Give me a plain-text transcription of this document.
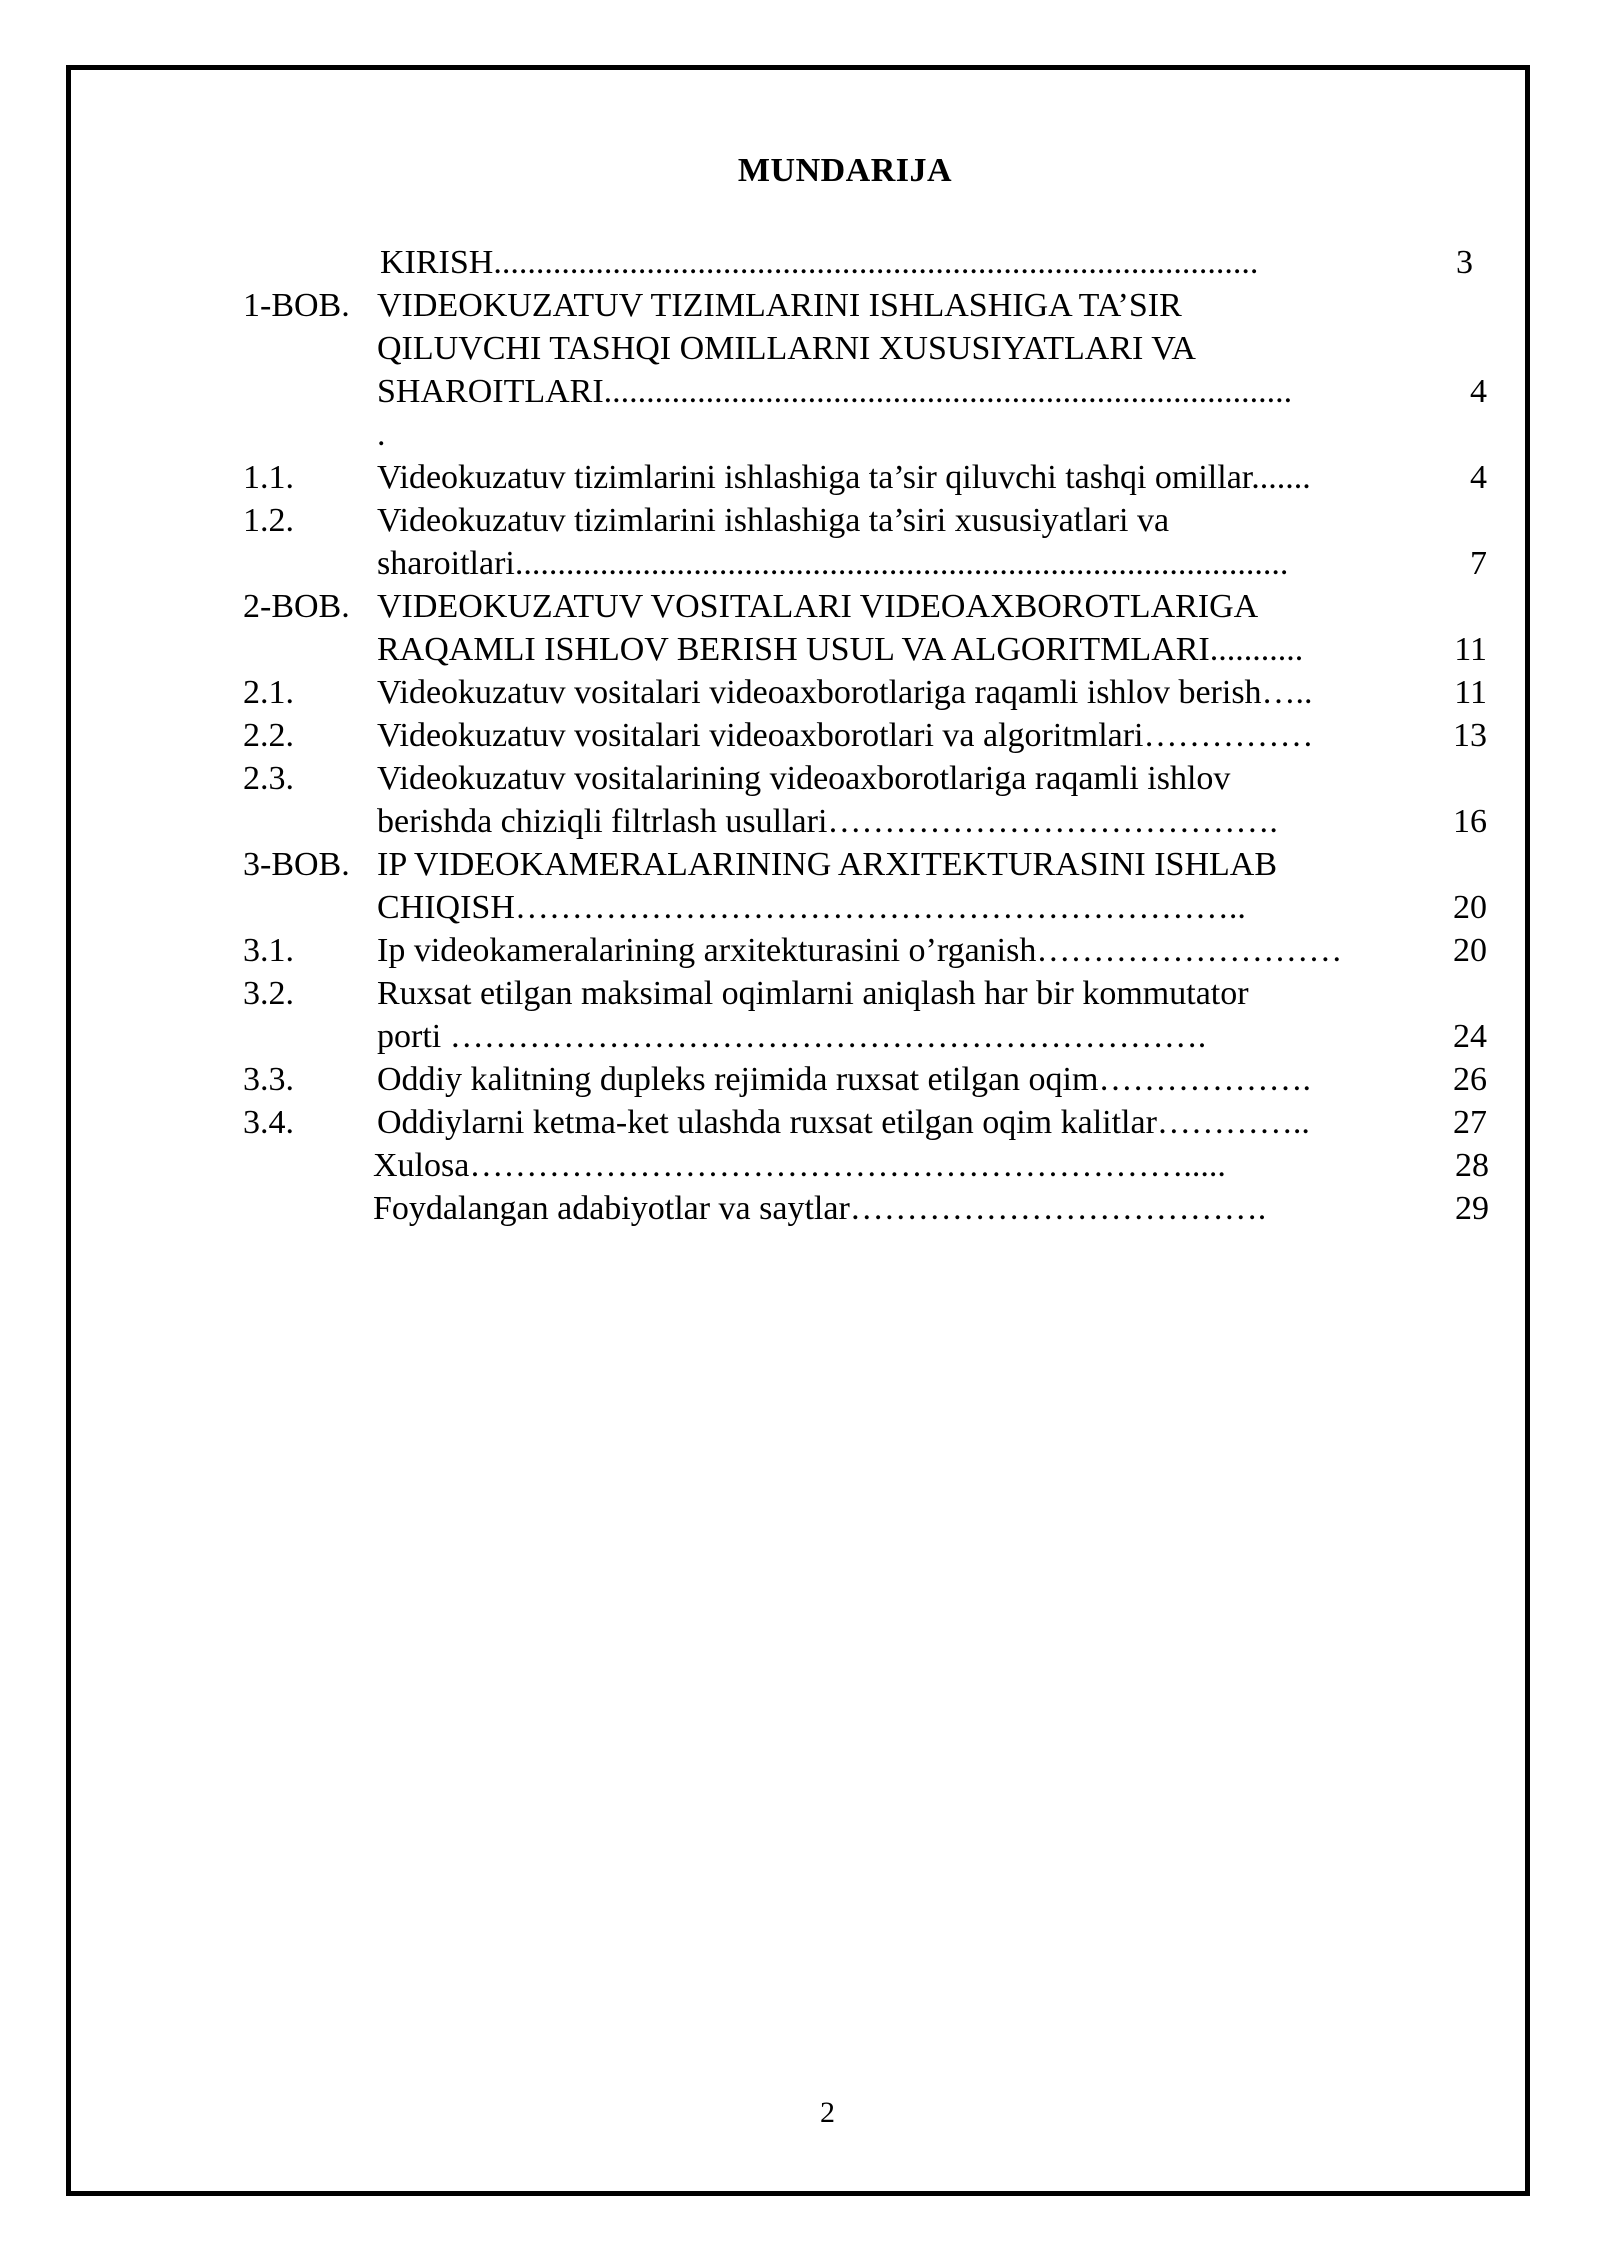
MUNDARIJA
KIRISH..........................................................................................	3
1-BOB. VIDEOKUZATUV TIZIMLARINI ISHLASHIGA TA’SIR
QILUVCHI TASHQI OMILLARNI XUSUSIYATLARI VA
SHAROITLARI.................................................................................	4
.
1.1. Videokuzatuv tizimlarini ishlashiga ta’sir qiluvchi tashqi omillar.......	4
1.2. Videokuzatuv tizimlarini ishlashiga ta’siri xususiyatlari va
sharoitlari...........................................................................................	7
2-BOB. VIDEOKUZATUV VOSITALARI VIDEOAXBOROTLARIGA
RAQAMLI ISHLOV BERISH USUL VA ALGORITMLARI...........	11
2.1. Videokuzatuv vositalari videoaxborotlariga raqamli ishlov berish…..	11
2.2. Videokuzatuv vositalari videoaxborotlari va algoritmlari……………	13
2.3. Videokuzatuv vositalarining videoaxborotlariga raqamli ishlov
berishda chiziqli filtrlash usullari………………………………….	16
3-BOB. IP VIDEOKAMERALARINING ARXITEKTURASINI ISHLAB
CHIQISH………………………………………………………..	20
3.1. Ip videokameralarining arxitekturasini o’rganish………………………	20
3.2. Ruxsat etilgan maksimal oqimlarni aniqlash har bir kommutator
porti ………………………………………………………….	24
3.3. Oddiy kalitning dupleks rejimida ruxsat etilgan oqim……………….	26
3.4. Oddiylarni ketma-ket ulashda ruxsat etilgan oqim kalitlar…………..	27
Xulosa……………………………………………………….....	28
Foydalangan adabiyotlar va saytlar……………………………….	29
2
